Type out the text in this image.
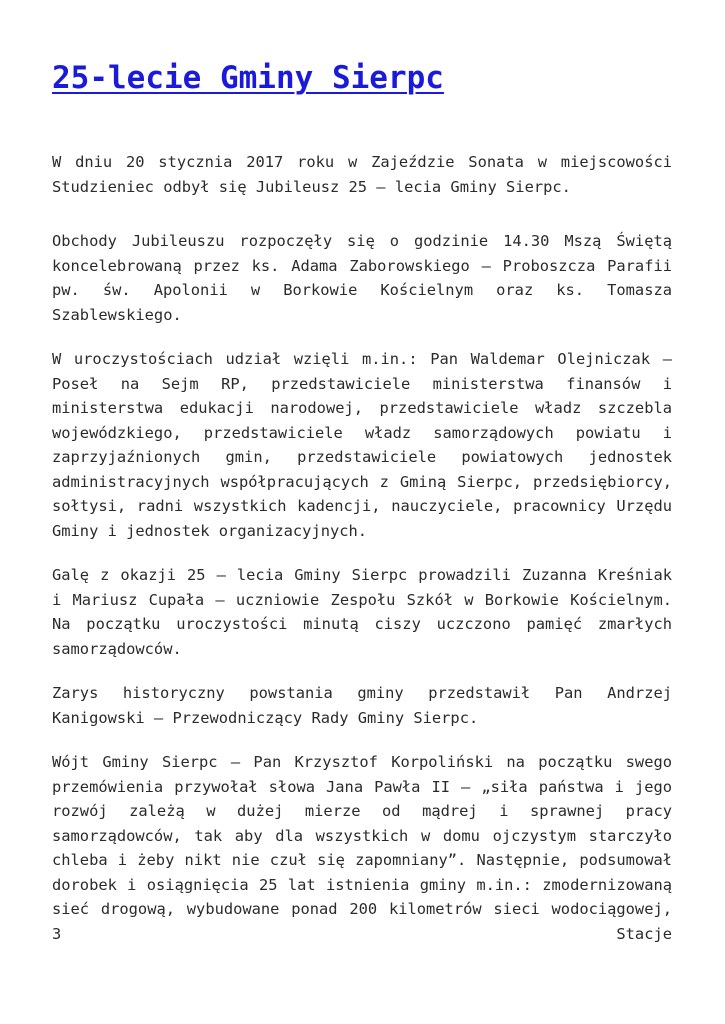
25-lecie Gminy Sierpc

W dniu 20 stycznia 2017 roku w Zajeździe Sonata w miejscowości Studzieniec odbył się Jubileusz 25 – lecia Gminy Sierpc.

Obchody Jubileuszu rozpoczęły się o godzinie 14.30 Mszą Świętą koncelebrowaną przez ks. Adama Zaborowskiego – Proboszcza Parafii pw. św. Apolonii w Borkowie Kościelnym oraz ks. Tomasza Szablewskiego.

W uroczystościach udział wzięli m.in.: Pan Waldemar Olejniczak – Poseł na Sejm RP, przedstawiciele ministerstwa finansów i ministerstwa edukacji narodowej, przedstawiciele władz szczebla wojewódzkiego, przedstawiciele władz samorządowych powiatu i zaprzyjaźnionych gmin, przedstawiciele powiatowych jednostek administracyjnych współpracujących z Gminą Sierpc, przedsiębiorcy, sołtysi, radni wszystkich kadencji, nauczyciele, pracownicy Urzędu Gminy i jednostek organizacyjnych.

Galę z okazji 25 – lecia Gminy Sierpc prowadzili Zuzanna Kreśniak i Mariusz Cupała – uczniowie Zespołu Szkół w Borkowie Kościelnym. Na początku uroczystości minutą ciszy uczczono pamięć zmarłych samorządowców.

Zarys historyczny powstania gminy przedstawił Pan Andrzej Kanigowski – Przewodniczący Rady Gminy Sierpc.

Wójt Gminy Sierpc – Pan Krzysztof Korpoliński na początku swego przemówienia przywołał słowa Jana Pawła II – „siła państwa i jego rozwój zależą w dużej mierze od mądrej i sprawnej pracy samorządowców, tak aby dla wszystkich w domu ojczystym starczyło chleba i żeby nikt nie czuł się zapomniany”. Następnie, podsumował dorobek i osiągnięcia 25 lat istnienia gminy m.in.: zmodernizowaną sieć drogową, wybudowane ponad 200 kilometrów sieci wodociągowej, 3 Stacje
